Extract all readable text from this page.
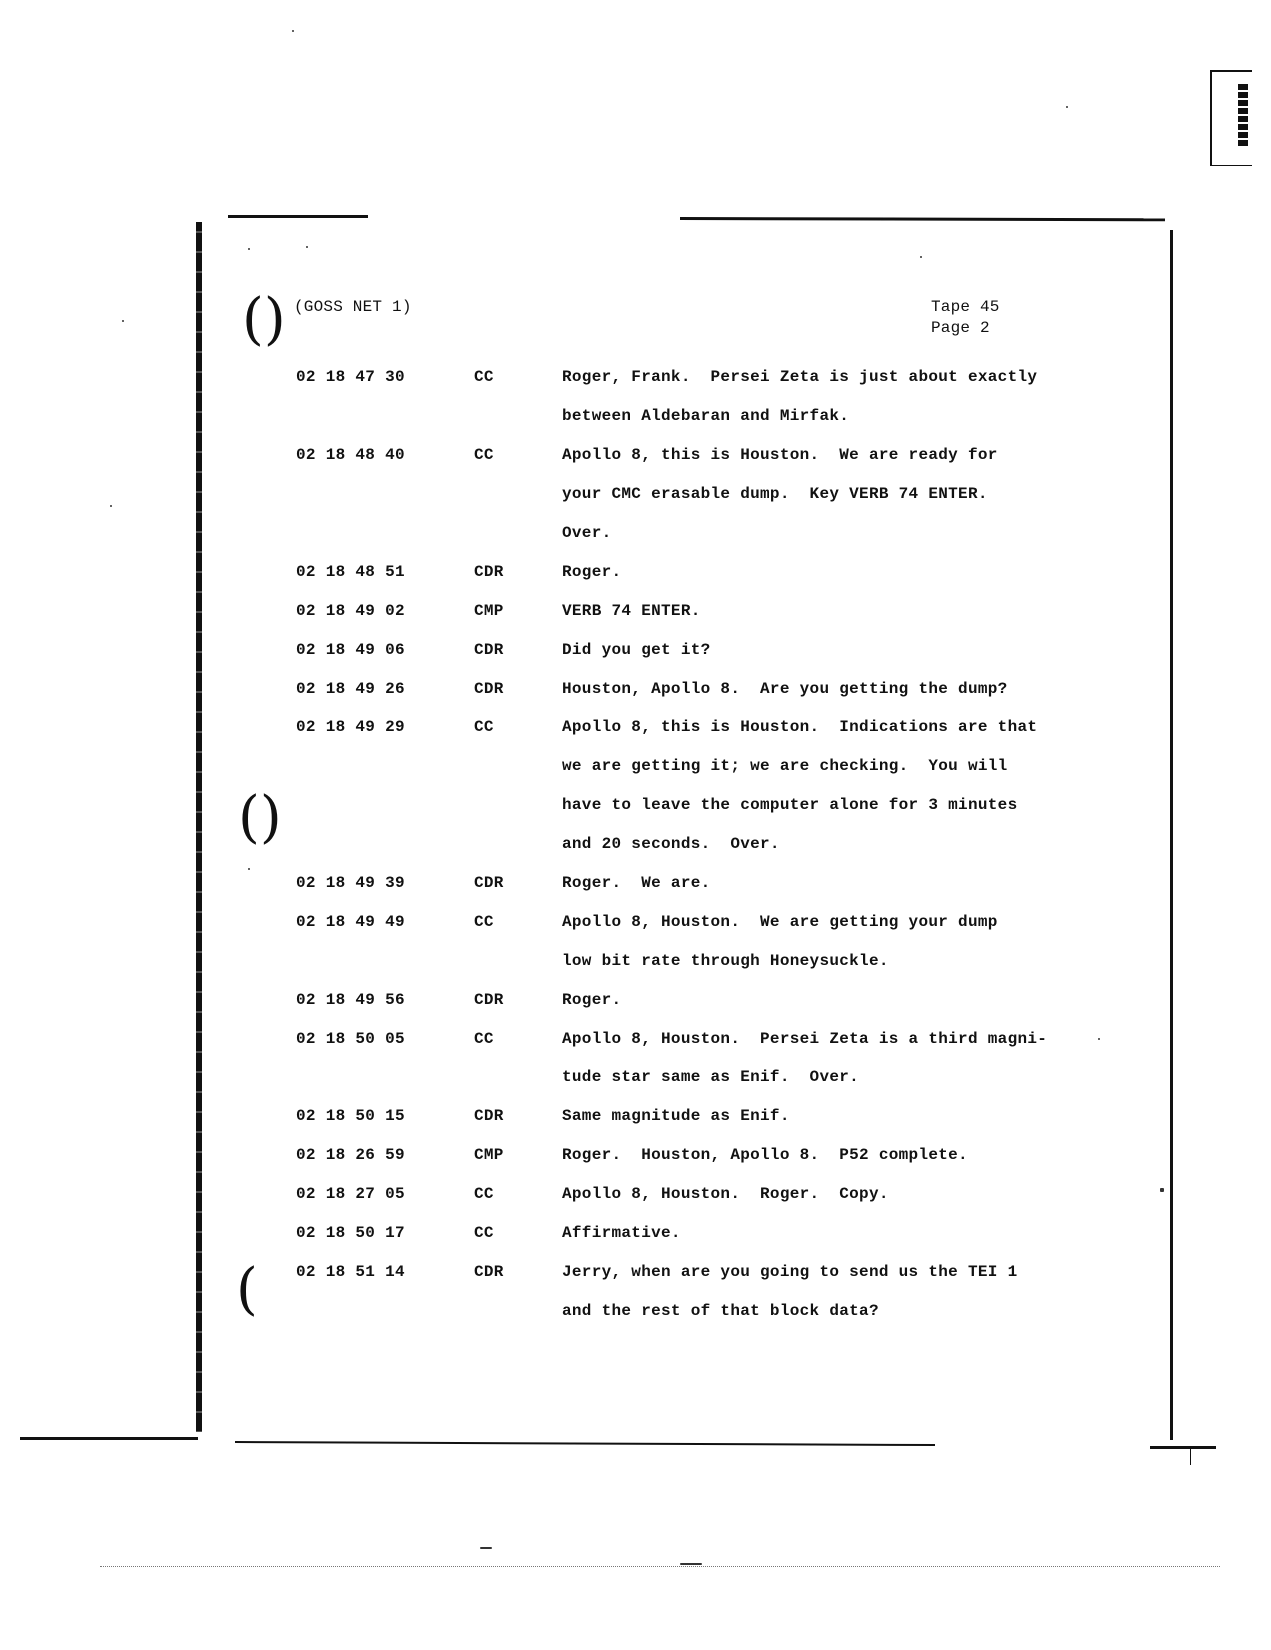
()
()
(
(GOSS NET 1)	Tape 45
Page 2
02 18 47 30	CC	Roger, Frank.  Persei Zeta is just about exactly
between Aldebaran and Mirfak.
02 18 48 40	CC	Apollo 8, this is Houston.  We are ready for
your CMC erasable dump.  Key VERB 74 ENTER.
Over.
02 18 48 51	CDR	Roger.
02 18 49 02	CMP	VERB 74 ENTER.
02 18 49 06	CDR	Did you get it?
02 18 49 26	CDR	Houston, Apollo 8.  Are you getting the dump?
02 18 49 29	CC	Apollo 8, this is Houston.  Indications are that
we are getting it; we are checking.  You will
have to leave the computer alone for 3 minutes
and 20 seconds.  Over.
02 18 49 39	CDR	Roger.  We are.
02 18 49 49	CC	Apollo 8, Houston.  We are getting your dump
low bit rate through Honeysuckle.
02 18 49 56	CDR	Roger.
02 18 50 05	CC	Apollo 8, Houston.  Persei Zeta is a third magni-
tude star same as Enif.  Over.
02 18 50 15	CDR	Same magnitude as Enif.
02 18 26 59	CMP	Roger.  Houston, Apollo 8.  P52 complete.
02 18 27 05	CC	Apollo 8, Houston.  Roger.  Copy.
02 18 50 17	CC	Affirmative.
02 18 51 14	CDR	Jerry, when are you going to send us the TEI 1
and the rest of that block data?
